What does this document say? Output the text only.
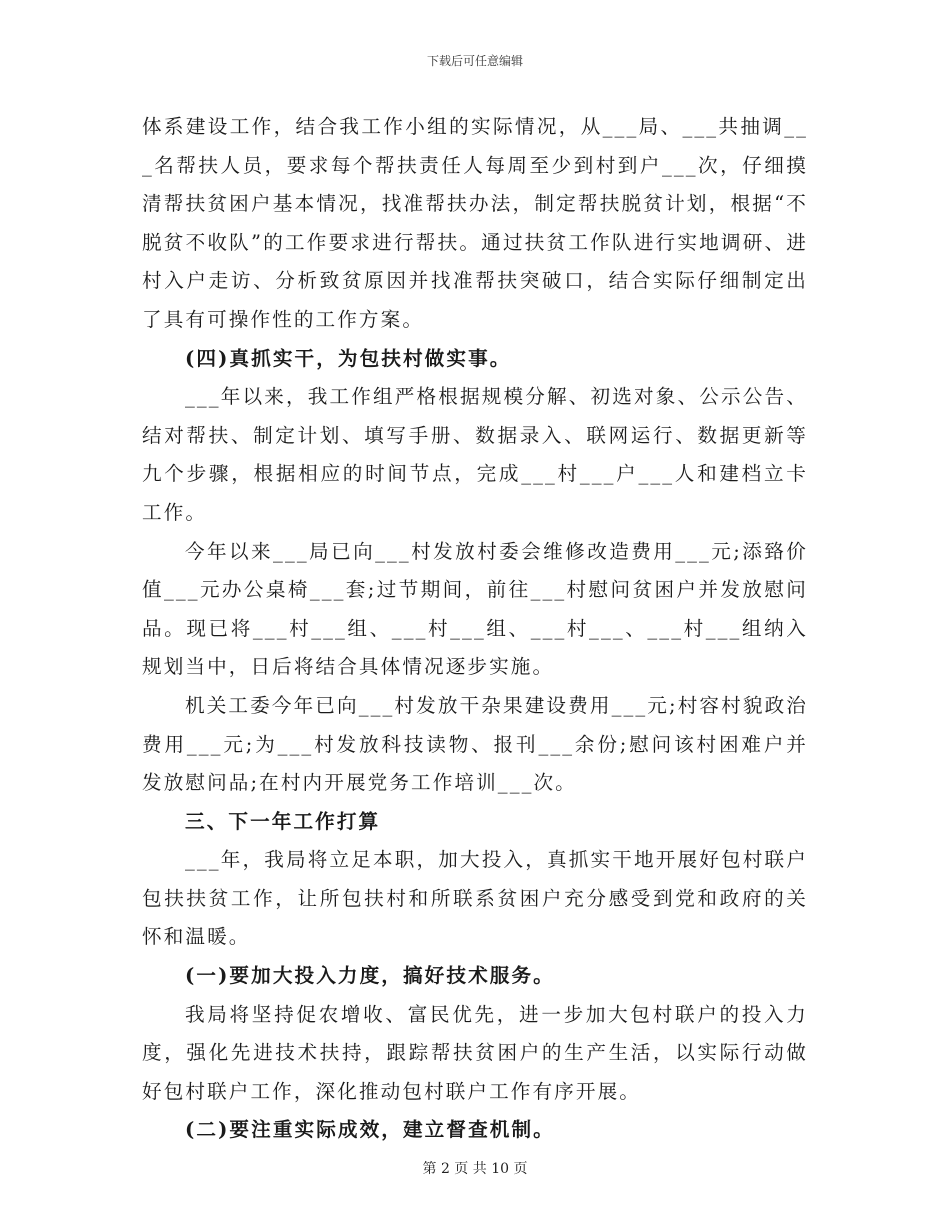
下载后可任意编辑

体系建设工作，结合我工作小组的实际情况，从___局、___共抽调___名帮扶人员，要求每个帮扶责任人每周至少到村到户___次，仔细摸清帮扶贫困户基本情况，找准帮扶办法，制定帮扶脱贫计划，根据“不脱贫不收队”的工作要求进行帮扶。通过扶贫工作队进行实地调研、进村入户走访、分析致贫原因并找准帮扶突破口，结合实际仔细制定出了具有可操作性的工作方案。

(四)真抓实干，为包扶村做实事。

___年以来，我工作组严格根据规模分解、初选对象、公示公告、结对帮扶、制定计划、填写手册、数据录入、联网运行、数据更新等九个步骤，根据相应的时间节点，完成___村___户___人和建档立卡工作。

今年以来___局已向___村发放村委会维修改造费用___元;添臵价值___元办公桌椅___套;过节期间，前往___村慰问贫困户并发放慰问品。现已将___村___组、___村___组、___村___、___村___组纳入规划当中，日后将结合具体情况逐步实施。

机关工委今年已向___村发放干杂果建设费用___元;村容村貌政治费用___元;为___村发放科技读物、报刊___余份;慰问该村困难户并发放慰问品;在村内开展党务工作培训___次。

三、下一年工作打算

___年，我局将立足本职，加大投入，真抓实干地开展好包村联户包扶扶贫工作，让所包扶村和所联系贫困户充分感受到党和政府的关怀和温暖。

(一)要加大投入力度，搞好技术服务。

我局将坚持促农增收、富民优先，进一步加大包村联户的投入力度，强化先进技术扶持，跟踪帮扶贫困户的生产生活，以实际行动做好包村联户工作，深化推动包村联户工作有序开展。

(二)要注重实际成效，建立督查机制。

第 2 页 共 10 页
